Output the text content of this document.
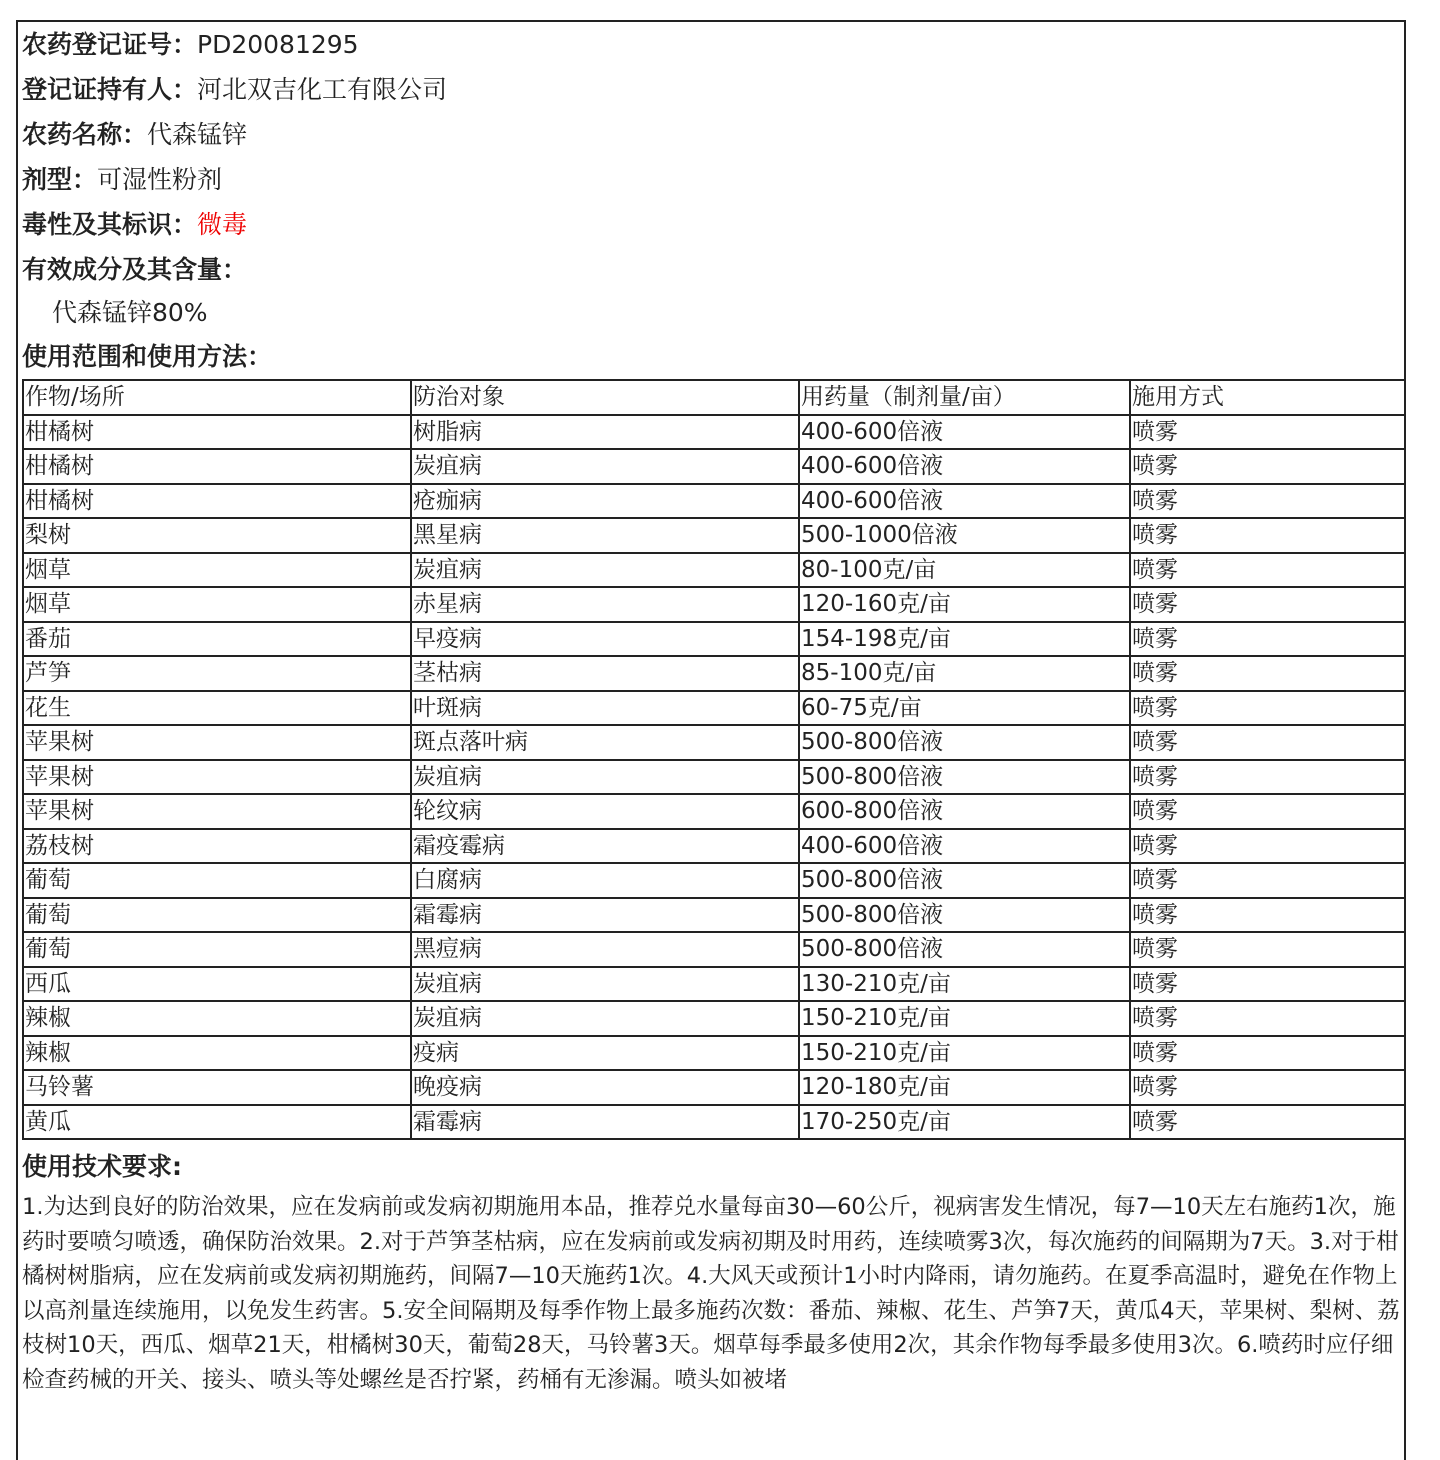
农药登记证号：PD20081295
登记证持有人：河北双吉化工有限公司
农药名称：代森锰锌
剂型：可湿性粉剂
毒性及其标识：微毒
有效成分及其含量：
代森锰锌80%
使用范围和使用方法：
作物/场所	防治对象	用药量（制剂量/亩）	施用方式
柑橘树	树脂病	400-600倍液	喷雾
柑橘树	炭疽病	400-600倍液	喷雾
柑橘树	疮痂病	400-600倍液	喷雾
梨树	黑星病	500-1000倍液	喷雾
烟草	炭疽病	80-100克/亩	喷雾
烟草	赤星病	120-160克/亩	喷雾
番茄	早疫病	154-198克/亩	喷雾
芦笋	茎枯病	85-100克/亩	喷雾
花生	叶斑病	60-75克/亩	喷雾
苹果树	斑点落叶病	500-800倍液	喷雾
苹果树	炭疽病	500-800倍液	喷雾
苹果树	轮纹病	600-800倍液	喷雾
荔枝树	霜疫霉病	400-600倍液	喷雾
葡萄	白腐病	500-800倍液	喷雾
葡萄	霜霉病	500-800倍液	喷雾
葡萄	黑痘病	500-800倍液	喷雾
西瓜	炭疽病	130-210克/亩	喷雾
辣椒	炭疽病	150-210克/亩	喷雾
辣椒	疫病	150-210克/亩	喷雾
马铃薯	晚疫病	120-180克/亩	喷雾
黄瓜	霜霉病	170-250克/亩	喷雾
使用技术要求:
1.为达到良好的防治效果，应在发病前或发病初期施用本品，推荐兑水量每亩30—60公斤，视病害发生情况，每7—10天左右施药1次，施药时要喷匀喷透，确保防治效果。2.对于芦笋茎枯病，应在发病前或发病初期及时用药，连续喷雾3次，每次施药的间隔期为7天。3.对于柑橘树树脂病，应在发病前或发病初期施药，间隔7—10天施药1次。4.大风天或预计1小时内降雨，请勿施药。在夏季高温时，避免在作物上以高剂量连续施用，以免发生药害。5.安全间隔期及每季作物上最多施药次数：番茄、辣椒、花生、芦笋7天，黄瓜4天，苹果树、梨树、荔枝树10天，西瓜、烟草21天，柑橘树30天，葡萄28天，马铃薯3天。烟草每季最多使用2次，其余作物每季最多使用3次。6.喷药时应仔细检查药械的开关、接头、喷头等处螺丝是否拧紧，药桶有无渗漏。喷头如被堵
